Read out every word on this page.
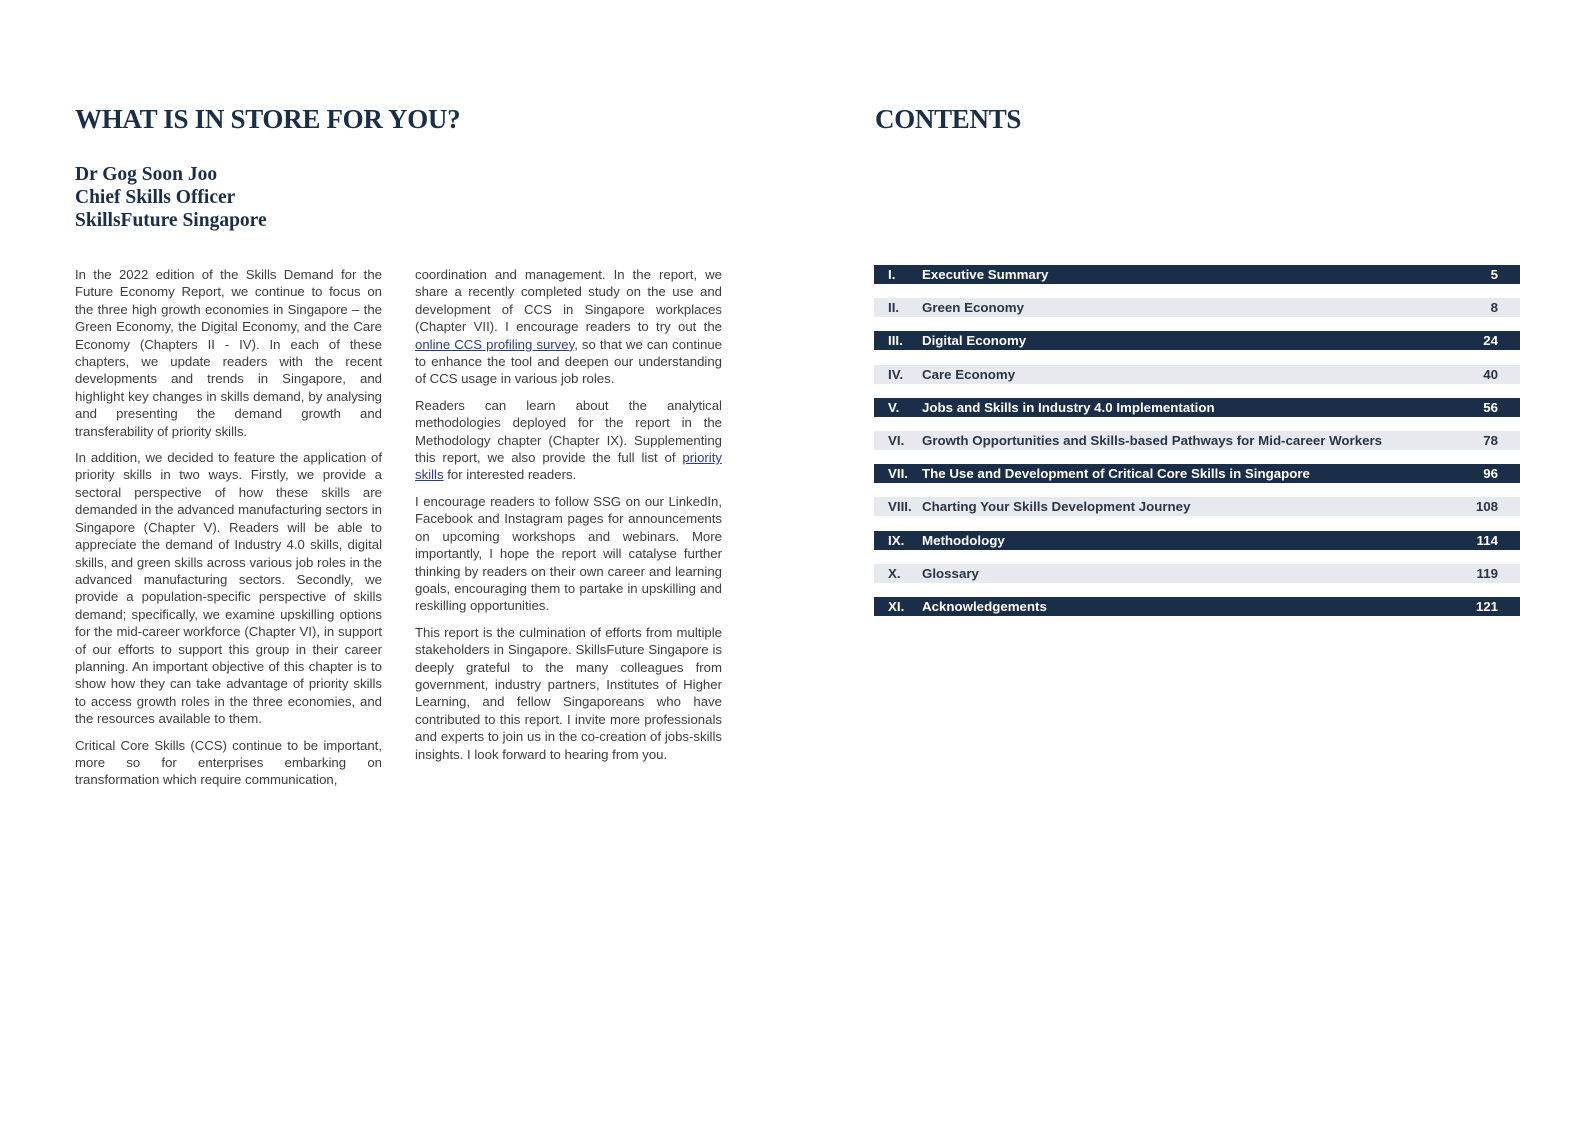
WHAT IS IN STORE FOR YOU?	CONTENTS
Dr Gog Soon Joo
Chief Skills Officer
SkillsFuture Singapore

In the 2022 edition of the Skills Demand for the Future Economy Report, we continue to focus on the three high growth economies in Singapore – the Green Economy, the Digital Economy, and the Care Economy (Chapters II - IV). In each of these chapters, we update readers with the recent developments and trends in Singapore, and highlight key changes in skills demand, by analysing and presenting the demand growth and transferability of priority skills.

In addition, we decided to feature the application of priority skills in two ways. Firstly, we provide a sectoral perspective of how these skills are demanded in the advanced manufacturing sectors in Singapore (Chapter V). Readers will be able to appreciate the demand of Industry 4.0 skills, digital skills, and green skills across various job roles in the advanced manufacturing sectors. Secondly, we provide a population-specific perspective of skills demand; specifically, we examine upskilling options for the mid-career workforce (Chapter VI), in support of our efforts to support this group in their career planning. An important objective of this chapter is to show how they can take advantage of priority skills to access growth roles in the three economies, and the resources available to them.

Critical Core Skills (CCS) continue to be important, more so for enterprises embarking on transformation which require communication,

coordination and management. In the report, we share a recently completed study on the use and development of CCS in Singapore workplaces (Chapter VII). I encourage readers to try out the online CCS profiling survey, so that we can continue to enhance the tool and deepen our understanding of CCS usage in various job roles.

Readers can learn about the analytical methodologies deployed for the report in the Methodology chapter (Chapter IX). Supplementing this report, we also provide the full list of priority skills for interested readers.

I encourage readers to follow SSG on our LinkedIn, Facebook and Instagram pages for announcements on upcoming workshops and webinars. More importantly, I hope the report will catalyse further thinking by readers on their own career and learning goals, encouraging them to partake in upskilling and reskilling opportunities.

This report is the culmination of efforts from multiple stakeholders in Singapore. SkillsFuture Singapore is deeply grateful to the many colleagues from government, industry partners, Institutes of Higher Learning, and fellow Singaporeans who have contributed to this report. I invite more professionals and experts to join us in the co-creation of jobs-skills insights. I look forward to hearing from you.

I.	Executive Summary	5
II.	Green Economy	8
III.	Digital Economy	24
IV.	Care Economy	40
V.	Jobs and Skills in Industry 4.0 Implementation	56
VI.	Growth Opportunities and Skills-based Pathways for Mid-career Workers	78
VII.	The Use and Development of Critical Core Skills in Singapore	96
VIII. Charting Your Skills Development Journey	108
IX.	Methodology	114
X.	Glossary	119
XI.	Acknowledgements	121
